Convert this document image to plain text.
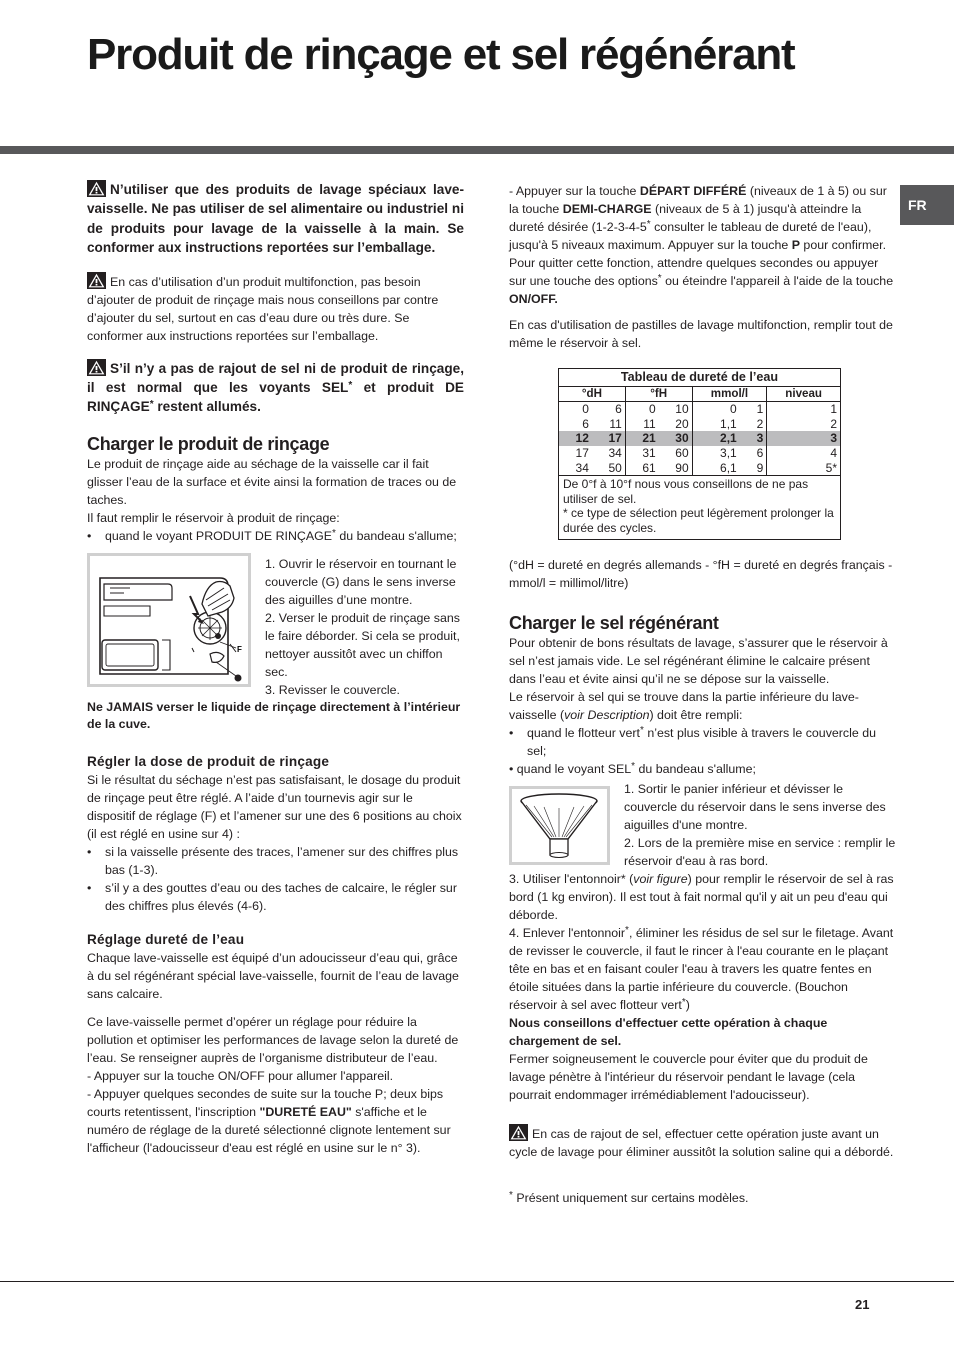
Produit de rinçage et sel régénérant
FR
N’utiliser que des produits de lavage spéciaux lave-vaisselle. Ne pas utiliser de sel alimentaire ou industriel ni de produits pour lavage de la vaisselle à la main. Se conformer aux instructions reportées sur l’emballage.
En cas d’utilisation d’un produit multifonction, pas besoin d’ajouter de produit de rinçage mais nous conseillons par contre d’ajouter du sel, surtout en cas d’eau dure ou très dure. Se conformer aux instructions reportées sur l’emballage.
S’il n’y a pas de rajout de sel ni de produit de rinçage, il est normal que les voyants SEL* et produit DE RINÇAGE* restent allumés.
Charger le produit de rinçage

Le produit de rinçage aide au séchage de la vaisselle car il fait glisser l’eau de la surface et évite ainsi la formation de traces ou de taches.

Il faut remplir le réservoir à produit de rinçage:

• quand le voyant PRODUIT DE RINÇAGE* du bandeau s'allume;
F

1. Ouvrir le réservoir en tournant le couvercle (G) dans le sens inverse des aiguilles d’une montre.

2. Verser le produit de rinçage sans le faire déborder. Si cela se produit, nettoyer aussitôt avec un chiffon sec.

3. Revisser le couvercle.

Ne JAMAIS verser le liquide de rinçage directement à l’intérieur de la cuve.

Régler la dose de produit de rinçage

Si le résultat du séchage n’est pas satisfaisant, le dosage du produit de rinçage peut être réglé. A l’aide d’un tournevis agir sur le dispositif de réglage (F) et l’amener sur une des 6 positions au choix (il est réglé en usine sur 4) :

• si la vaisselle présente des traces, l’amener sur des chiffres plus bas (1-3).
• s’il y a des gouttes d’eau ou des taches de calcaire, le régler sur des chiffres plus élevés (4-6).
Réglage dureté de l’eau

Chaque lave-vaisselle est équipé d’un adoucisseur d’eau qui, grâce à du sel régénérant spécial lave-vaisselle, fournit de l’eau de lavage sans calcaire.

Ce lave-vaisselle permet d’opérer un réglage pour réduire la pollution et optimiser les performances de lavage selon la dureté de l’eau. Se renseigner auprès de l’organisme distributeur de l’eau.

- Appuyer sur la touche ON/OFF pour allumer l'appareil.

- Appuyer quelques secondes de suite sur la touche P; deux bips courts retentissent, l'inscription "DURETÉ EAU" s'affiche et le numéro de réglage de la dureté sélectionné clignote lentement sur l'afficheur (l'adoucisseur d'eau est réglé en usine sur le n° 3).

- Appuyer sur la touche DÉPART DIFFÉRÉ (niveaux de 1 à 5) ou sur la touche DEMI-CHARGE (niveaux de 5 à 1) jusqu'à atteindre la dureté désirée (1-2-3-4-5* consulter le tableau de dureté de l'eau), jusqu'à 5 niveaux maximum. Appuyer sur la touche P pour confirmer.

Pour quitter cette fonction, attendre quelques secondes ou appuyer sur une touche des options* ou éteindre l'appareil à l'aide de la touche ON/OFF.

En cas d'utilisation de pastilles de lavage multifonction, remplir tout de même le réservoir à sel.

Tableau de dureté de l’eau						
°dH		°fH		mmol/l		niveau
0	6	0	10	0	1	1
6	11	11	20	1,1	2	2
12	17	21	30	2,1	3	3
17	34	31	60	3,1	6	4
34	50	61	90	6,1	9	5*

De 0°f à 10°f nous vous conseillons de ne pas utiliser de sel.
* ce type de sélection peut légèrement prolonger la durée des cycles.						

(°dH = dureté en degrés allemands - °fH = dureté en degrés français - mmol/l = millimol/litre)

Charger le sel régénérant

Pour obtenir de bons résultats de lavage, s’assurer que le réservoir à sel n’est jamais vide. Le sel régénérant élimine le calcaire présent dans l’eau et évite ainsi qu’il ne se dépose sur la vaisselle.

Le réservoir à sel qui se trouve dans la partie inférieure du lave-vaisselle (voir Description) doit être rempli:

• quand le flotteur vert* n’est plus visible à travers le couvercle du sel;
• quand le voyant SEL* du bandeau s'allume;

1. Sortir le panier inférieur et dévisser le couvercle du réservoir dans le sens inverse des aiguilles d'une montre.

2. Lors de la première mise en service : remplir le réservoir d'eau à ras bord.

3. Utiliser l'entonnoir* (voir figure) pour remplir le réservoir de sel à ras bord (1 kg environ). Il est tout à fait normal qu'il y ait un peu d'eau qui déborde.

4. Enlever l'entonnoir*, éliminer les résidus de sel sur le filetage. Avant de revisser le couvercle, il faut le rincer à l'eau courante en le plaçant tête en bas et en faisant couler l'eau à travers les quatre fentes en étoile situées dans la partie inférieure du couvercle. (Bouchon réservoir à sel avec flotteur vert*)

Nous conseillons d'effectuer cette opération à chaque chargement de sel.

Fermer soigneusement le couvercle pour éviter que du produit de lavage pénètre à l'intérieur du réservoir pendant le lavage (cela pourrait endommager irrémédiablement l'adoucisseur).

En cas de rajout de sel, effectuer cette opération juste avant un cycle de lavage pour éliminer aussitôt la solution saline qui a débordé.

* Présent uniquement sur certains modèles.

21
